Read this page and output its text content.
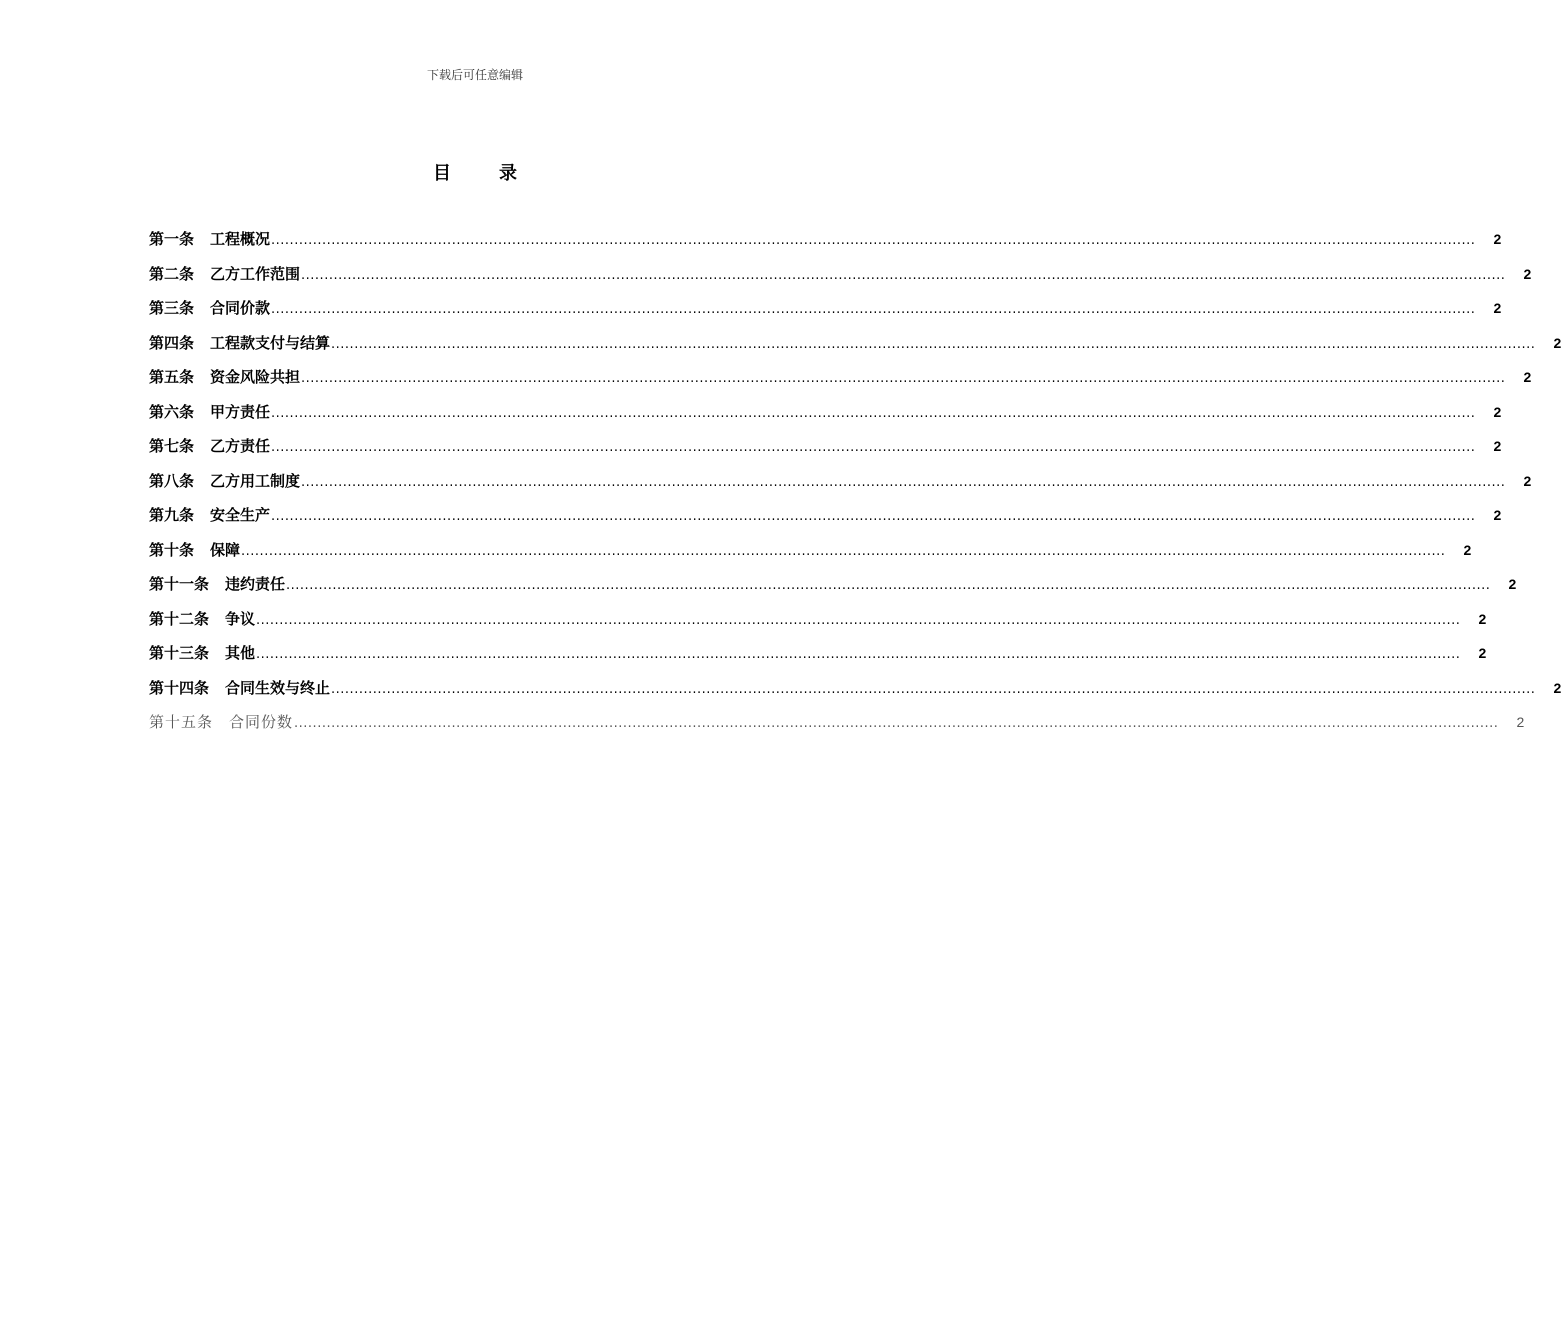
下载后可任意编辑
目	录
第一条 工程概况 .................................................................................................................................................................................................................................................................... 2
第二条 乙方工作范围 .................................................................................................................................................................................................................................................................... 2
第三条 合同价款 .................................................................................................................................................................................................................................................................... 2
第四条 工程款支付与结算 .................................................................................................................................................................................................................................................................... 2
第五条 资金风险共担 .................................................................................................................................................................................................................................................................... 2
第六条 甲方责任 .................................................................................................................................................................................................................................................................... 2
第七条 乙方责任 .................................................................................................................................................................................................................................................................... 2
第八条 乙方用工制度 .................................................................................................................................................................................................................................................................... 2
第九条 安全生产 .................................................................................................................................................................................................................................................................... 2
第十条 保障 .................................................................................................................................................................................................................................................................... 2
第十一条 违约责任 .................................................................................................................................................................................................................................................................... 2
第十二条 争议 .................................................................................................................................................................................................................................................................... 2
第十三条 其他 .................................................................................................................................................................................................................................................................... 2
第十四条 合同生效与终止 .................................................................................................................................................................................................................................................................... 2
第十五条 合同份数 .................................................................................................................................................................................................................................................................... 2
